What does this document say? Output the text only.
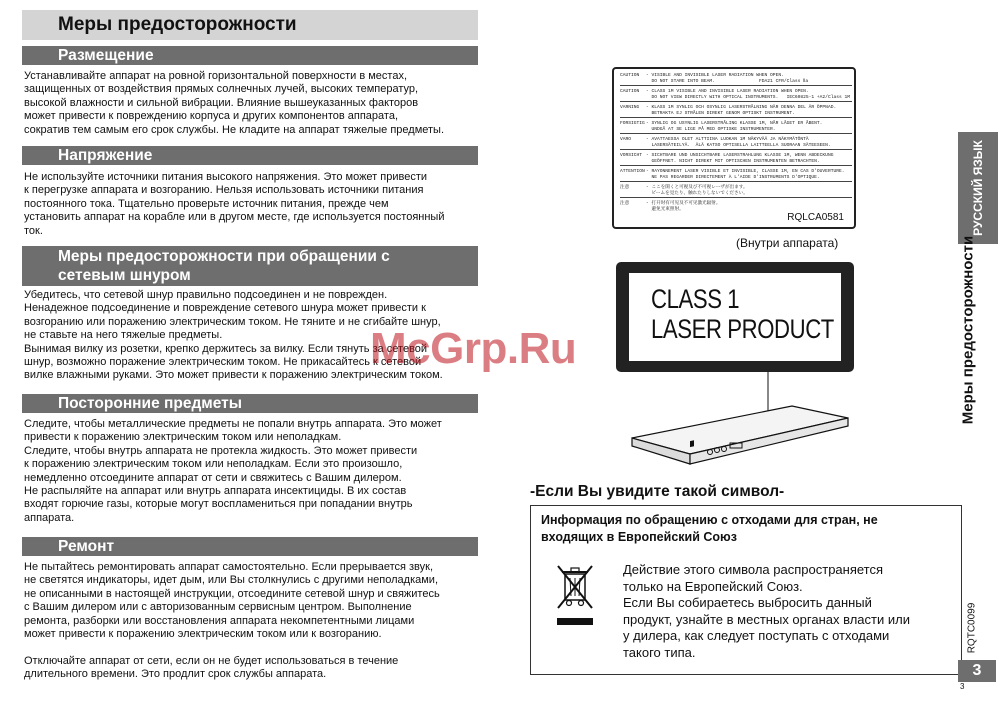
Меры предосторожности
Размещение
Устанавливайте аппарат на ровной горизонтальной поверхности в местах,
защищенных от воздействия прямых солнечных лучей, высоких температур,
высокой влажности и сильной вибрации. Влияние вышеуказанных факторов
может привести к повреждению корпуса и других компонентов аппарата,
сократив тем самым его срок службы. Не кладите на аппарат тяжелые предметы.
Напряжение
Не используйте источники питания высокого напряжения. Это может привести
к перегрузке аппарата и возгоранию. Нельзя использовать источники питания
постоянного тока. Тщательно проверьте источник питания, прежде чем
установить аппарат на корабле или в другом месте, где используется постоянный
ток.
Меры предосторожности при обращении с
сетевым шнуром
Убедитесь, что сетевой шнур правильно подсоединен и не поврежден.
Ненадежное подсоединение и повреждение сетевого шнура может привести к
возгоранию или поражению электрическим током. Не тяните и не сгибайте шнур,
не ставьте на него тяжелые предметы.
Вынимая вилку из розетки, крепко держитесь за вилку. Если тянуть за сетевой
шнур, возможно поражение электрическим током. Не прикасайтесь к сетевой
вилке влажными руками. Это может привести к поражению электрическим током.
Посторонние предметы
Следите, чтобы металлические предметы не попали внутрь аппарата. Это может
привести к поражению электрическим током или неполадкам.
Следите, чтобы внутрь аппарата не протекла жидкость. Это может привести
к поражению электрическим током или неполадкам. Если это произошло,
немедленно отсоедините аппарат от сети и свяжитесь с Вашим дилером.
Не распыляйте на аппарат или внутрь аппарата инсектициды. В их состав
входят горючие газы, которые могут воспламениться при попадании внутрь
аппарата.
Ремонт
Не пытайтесь ремонтировать аппарат самостоятельно. Если прерывается звук,
не светятся индикаторы, идет дым, или Вы столкнулись с другими неполадками,
не описанными в настоящей инструкции, отсоедините сетевой шнур и свяжитесь
с Вашим дилером или с авторизованным сервисным центром. Выполнение
ремонта, разборки или восстановления аппарата некомпетентными лицами
может привести к поражению электрическим током или к возгоранию.
Отключайте аппарат от сети, если он не будет использоваться в течение
длительного времени. Это продлит срок службы аппарата.
CAUTION - VISIBLE AND INVISIBLE LASER RADIATION WHEN OPEN.
DO NOT STARE INTO BEAM.                FDA21 CFR/Class Ⅱa
CAUTION - CLASS 1M VISIBLE AND INVISIBLE LASER RADIATION WHEN OPEN.
DO NOT VIEW DIRECTLY WITH OPTICAL INSTRUMENTS.   IEC60825-1 +A2/Class 1M
VARNING - KLASS 1M SYNLIG OCH OSYNLIG LASERSTRÅLNING NÄR DENNA DEL ÄR ÖPPNAD.
BETRAKTA EJ STRÅLEN DIREKT GENOM OPTISKT INSTRUMENT.
FORSIGTIG- SYNLIG OG USYNLIG LASERSTRÅLING KLASSE 1M, NÅR LÅGET ER ÅBENT.
UNDGÅ AT SE LIGE PÅ MED OPTISKE INSTRUMENTER.
VARO	- AVATTAESSA OLET ALTTIINA LUOKAN 1M NÄKYVÄÄ JA NÄKYMÄTÖNTÄ
LASERSÄTEILYÄ.  ÄLÄ KATSO OPTISELLA LAITTEELLA SUORAAN SÄTEESEEN.
VORSICHT - SICHTBARE UND UNSICHTBARE LASERSTRAHLUNG KLASSE 1M, WENN ABDECKUNG
GEÖFFNET. NICHT DIREKT MIT OPTISCHEN INSTRUMENTEN BETRACHTEN.
ATTENTION- RAYONNEMENT LASER VISIBLE ET INVISIBLE, CLASSE 1M, EN CAS D'OUVERTURE.
NE PAS REGARDER DIRECTEMENT À L'AIDE D'INSTRUMENTS D'OPTIQUE.
注意	- ここを開くと可視及び不可視レーザが出ます。
ビームを見たり、触れたりしないでください。
注意	- 打开时有可见及不可见激光辐射。
避免光束照射。
RQLCA0581
(Внутри аппарата)
CLASS 1
LASER PRODUCT
-Если Вы увидите такой символ-
Информация по обращению с отходами для стран, не
входящих в Европейский Союз
Действие этого символа распространяется
только на Европейский Союз.
Если Вы собираетесь выбросить данный
продукт, узнайте в местных органах власти или
у дилера, как следует поступать с отходами
такого типа.
РУССКИЙ ЯЗЫК
Меры предосторожности
RQTC0099
3
3
McGrp.Ru
